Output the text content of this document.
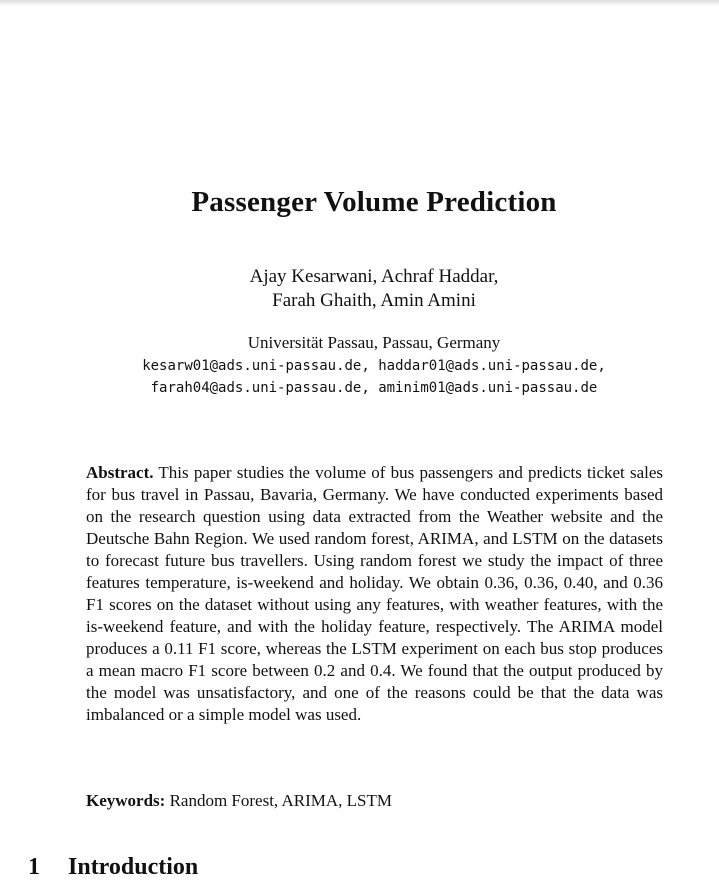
Passenger Volume Prediction
Ajay Kesarwani, Achraf Haddar,
Farah Ghaith, Amin Amini
Universität Passau, Passau, Germany
kesarw01@ads.uni-passau.de, haddar01@ads.uni-passau.de,
farah04@ads.uni-passau.de, aminim01@ads.uni-passau.de
Abstract. This paper studies the volume of bus passengers and predicts ticket sales for bus travel in Passau, Bavaria, Germany. We have conducted experiments based on the research question using data extracted from the Weather website and the Deutsche Bahn Region. We used random forest, ARIMA, and LSTM on the datasets to forecast future bus travellers. Using random forest we study the impact of three features temperature, is-weekend and holiday. We obtain 0.36, 0.36, 0.40, and 0.36 F1 scores on the dataset without using any features, with weather features, with the is-weekend feature, and with the holiday feature, respectively. The ARIMA model produces a 0.11 F1 score, whereas the LSTM experiment on each bus stop produces a mean macro F1 score between 0.2 and 0.4. We found that the output produced by the model was unsatisfactory, and one of the reasons could be that the data was imbalanced or a simple model was used.
Keywords: Random Forest, ARIMA, LSTM
1 Introduction
